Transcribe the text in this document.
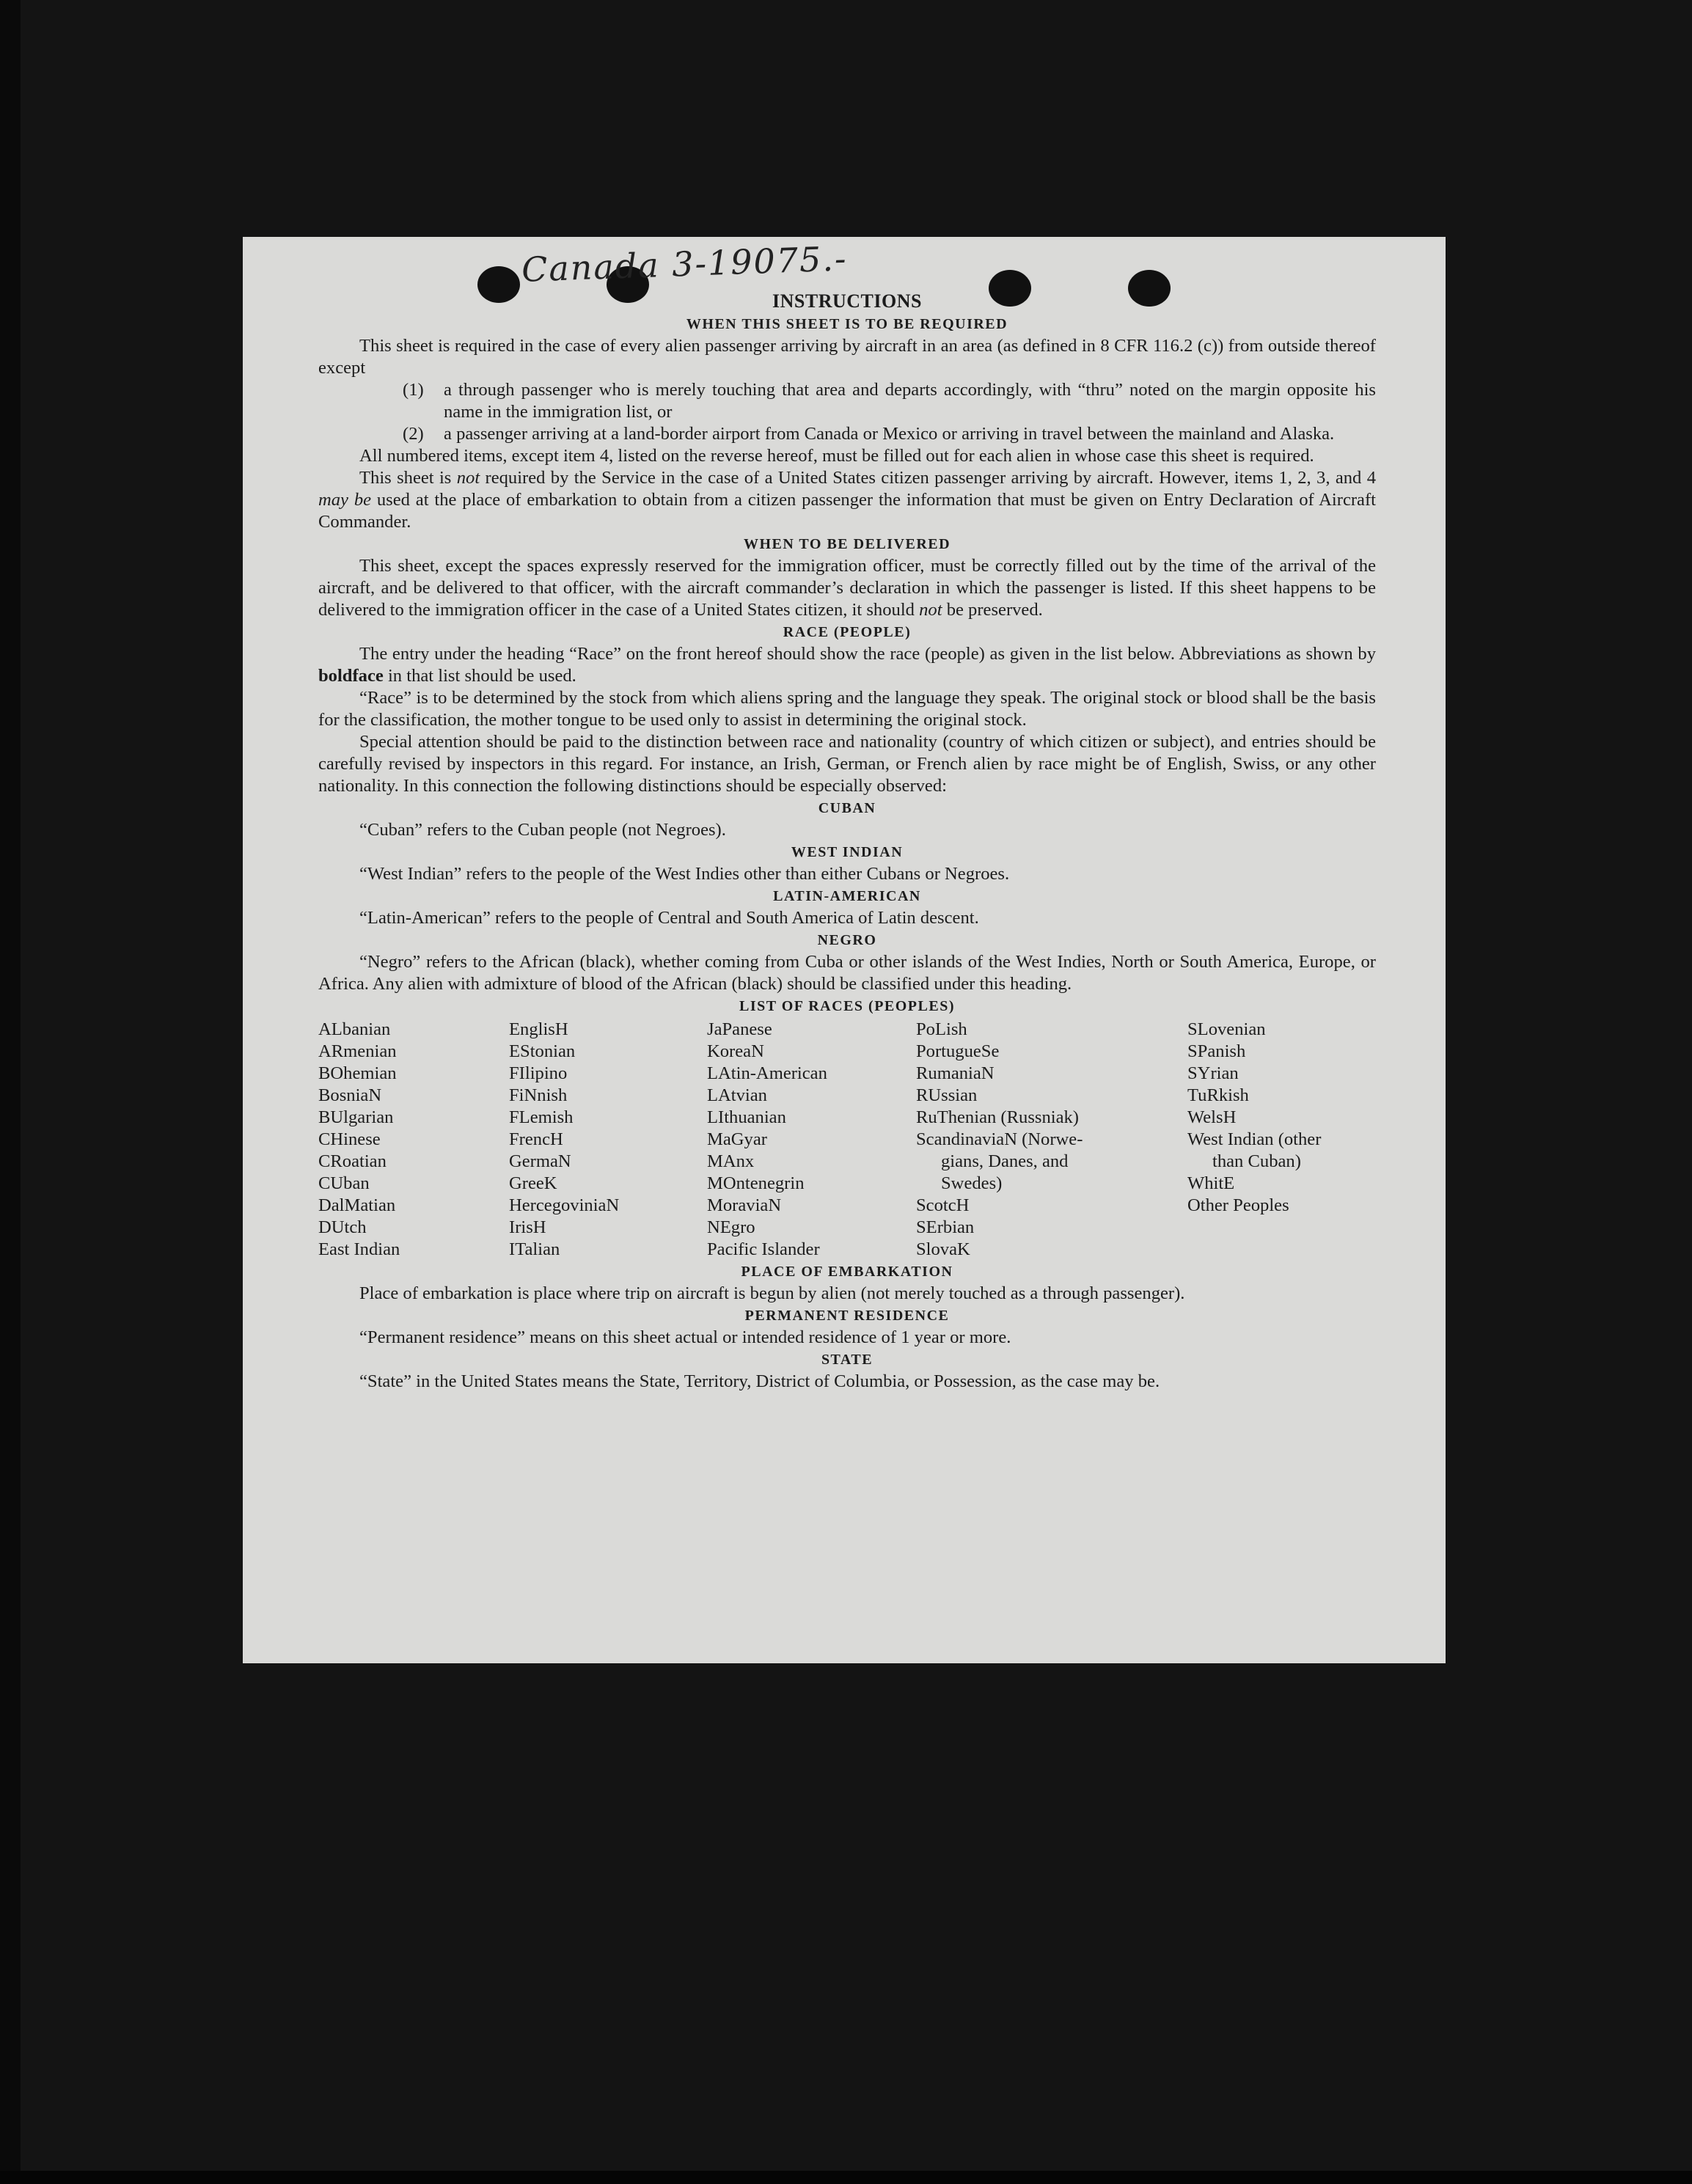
Canada 3-19075.-
INSTRUCTIONS
WHEN THIS SHEET IS TO BE REQUIRED

This sheet is required in the case of every alien passenger arriving by aircraft in an area (as defined in 8 CFR 116.2 (c)) from outside thereof except

(1) a through passenger who is merely touching that area and departs accordingly, with “thru” noted on the margin opposite his name in the immigration list, or
(2) a passenger arriving at a land-border airport from Canada or Mexico or arriving in travel between the mainland and Alaska.

All numbered items, except item 4, listed on the reverse hereof, must be filled out for each alien in whose case this sheet is required.

This sheet is not required by the Service in the case of a United States citizen passenger arriving by aircraft. However, items 1, 2, 3, and 4 may be used at the place of embarkation to obtain from a citizen passenger the information that must be given on Entry Declaration of Aircraft Commander.

WHEN TO BE DELIVERED

This sheet, except the spaces expressly reserved for the immigration officer, must be correctly filled out by the time of the arrival of the aircraft, and be delivered to that officer, with the aircraft commander’s declaration in which the passenger is listed. If this sheet happens to be delivered to the immigration officer in the case of a United States citizen, it should not be preserved.

RACE (PEOPLE)

The entry under the heading “Race” on the front hereof should show the race (people) as given in the list below. Abbreviations as shown by boldface in that list should be used.

“Race” is to be determined by the stock from which aliens spring and the language they speak. The original stock or blood shall be the basis for the classification, the mother tongue to be used only to assist in determining the original stock.

Special attention should be paid to the distinction between race and nationality (country of which citizen or subject), and entries should be carefully revised by inspectors in this regard. For instance, an Irish, German, or French alien by race might be of English, Swiss, or any other nationality. In this connection the following distinctions should be especially observed:

CUBAN

“Cuban” refers to the Cuban people (not Negroes).

WEST INDIAN

“West Indian” refers to the people of the West Indies other than either Cubans or Negroes.

LATIN-AMERICAN

“Latin-American” refers to the people of Central and South America of Latin descent.

NEGRO

“Negro” refers to the African (black), whether coming from Cuba or other islands of the West Indies, North or South America, Europe, or Africa. Any alien with admixture of blood of the African (black) should be classified under this heading.

LIST OF RACES (PEOPLES)
ALbanian
ARmenian
BOhemian
BosniaN
BUlgarian
CHinese
CRoatian
CUban
DalMatian
DUtch
East Indian
EnglisH
EStonian
FIlipino
FiNnish
FLemish
FrencH
GermaN
GreeK
HercegoviniaN
IrisH
ITalian
JaPanese
KoreaN
LAtin-American
LAtvian
LIthuanian
MaGyar
MAnx
MOntenegrin
MoraviaN
NEgro
Pacific Islander
PoLish
PortugueSe
RumaniaN
RUssian
RuThenian (Russniak)
ScandinaviaN (Norwe-
gians, Danes, and
Swedes)
ScotcH
SErbian
SlovaK
SLovenian
SPanish
SYrian
TuRkish
WelsH
West Indian (other
than Cuban)
WhitE
Other Peoples
PLACE OF EMBARKATION

Place of embarkation is place where trip on aircraft is begun by alien (not merely touched as a through passenger).

PERMANENT RESIDENCE

“Permanent residence” means on this sheet actual or intended residence of 1 year or more.

STATE

“State” in the United States means the State, Territory, District of Columbia, or Possession, as the case may be.
